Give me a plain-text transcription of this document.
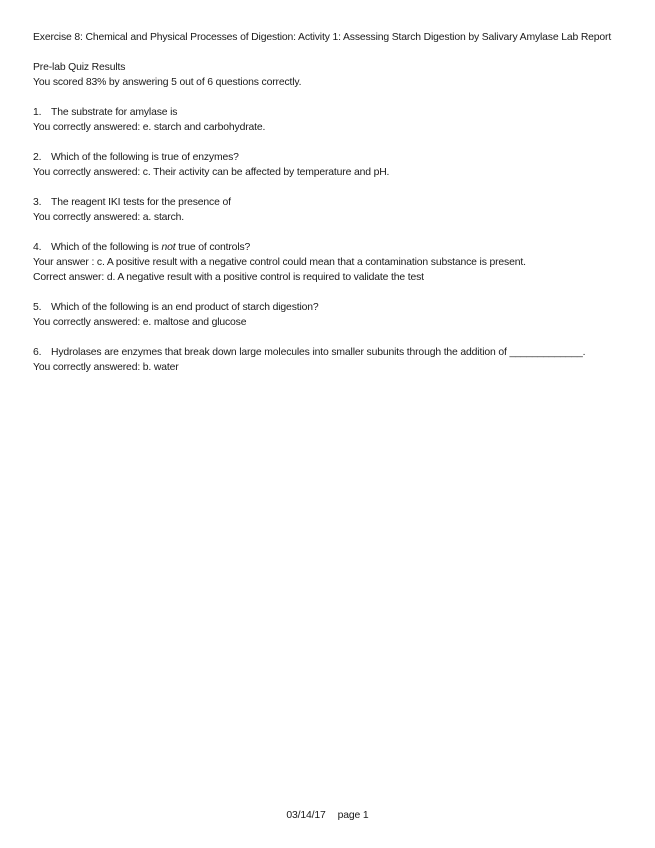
Exercise 8: Chemical and Physical Processes of Digestion: Activity 1: Assessing Starch Digestion by Salivary Amylase Lab Report
Pre-lab Quiz Results
You scored 83% by answering 5 out of 6 questions correctly.
1. The substrate for amylase is
You correctly answered: e. starch and carbohydrate.
2. Which of the following is true of enzymes?
You correctly answered: c. Their activity can be affected by temperature and pH.
3. The reagent IKI tests for the presence of
You correctly answered: a. starch.
4. Which of the following is not true of controls?
Your answer : c. A positive result with a negative control could mean that a contamination substance is present.
Correct answer: d. A negative result with a positive control is required to validate the test
5. Which of the following is an end product of starch digestion?
You correctly answered: e. maltose and glucose
6. Hydrolases are enzymes that break down large molecules into smaller subunits through the addition of _____________.
You correctly answered: b. water
03/14/17 page 1
